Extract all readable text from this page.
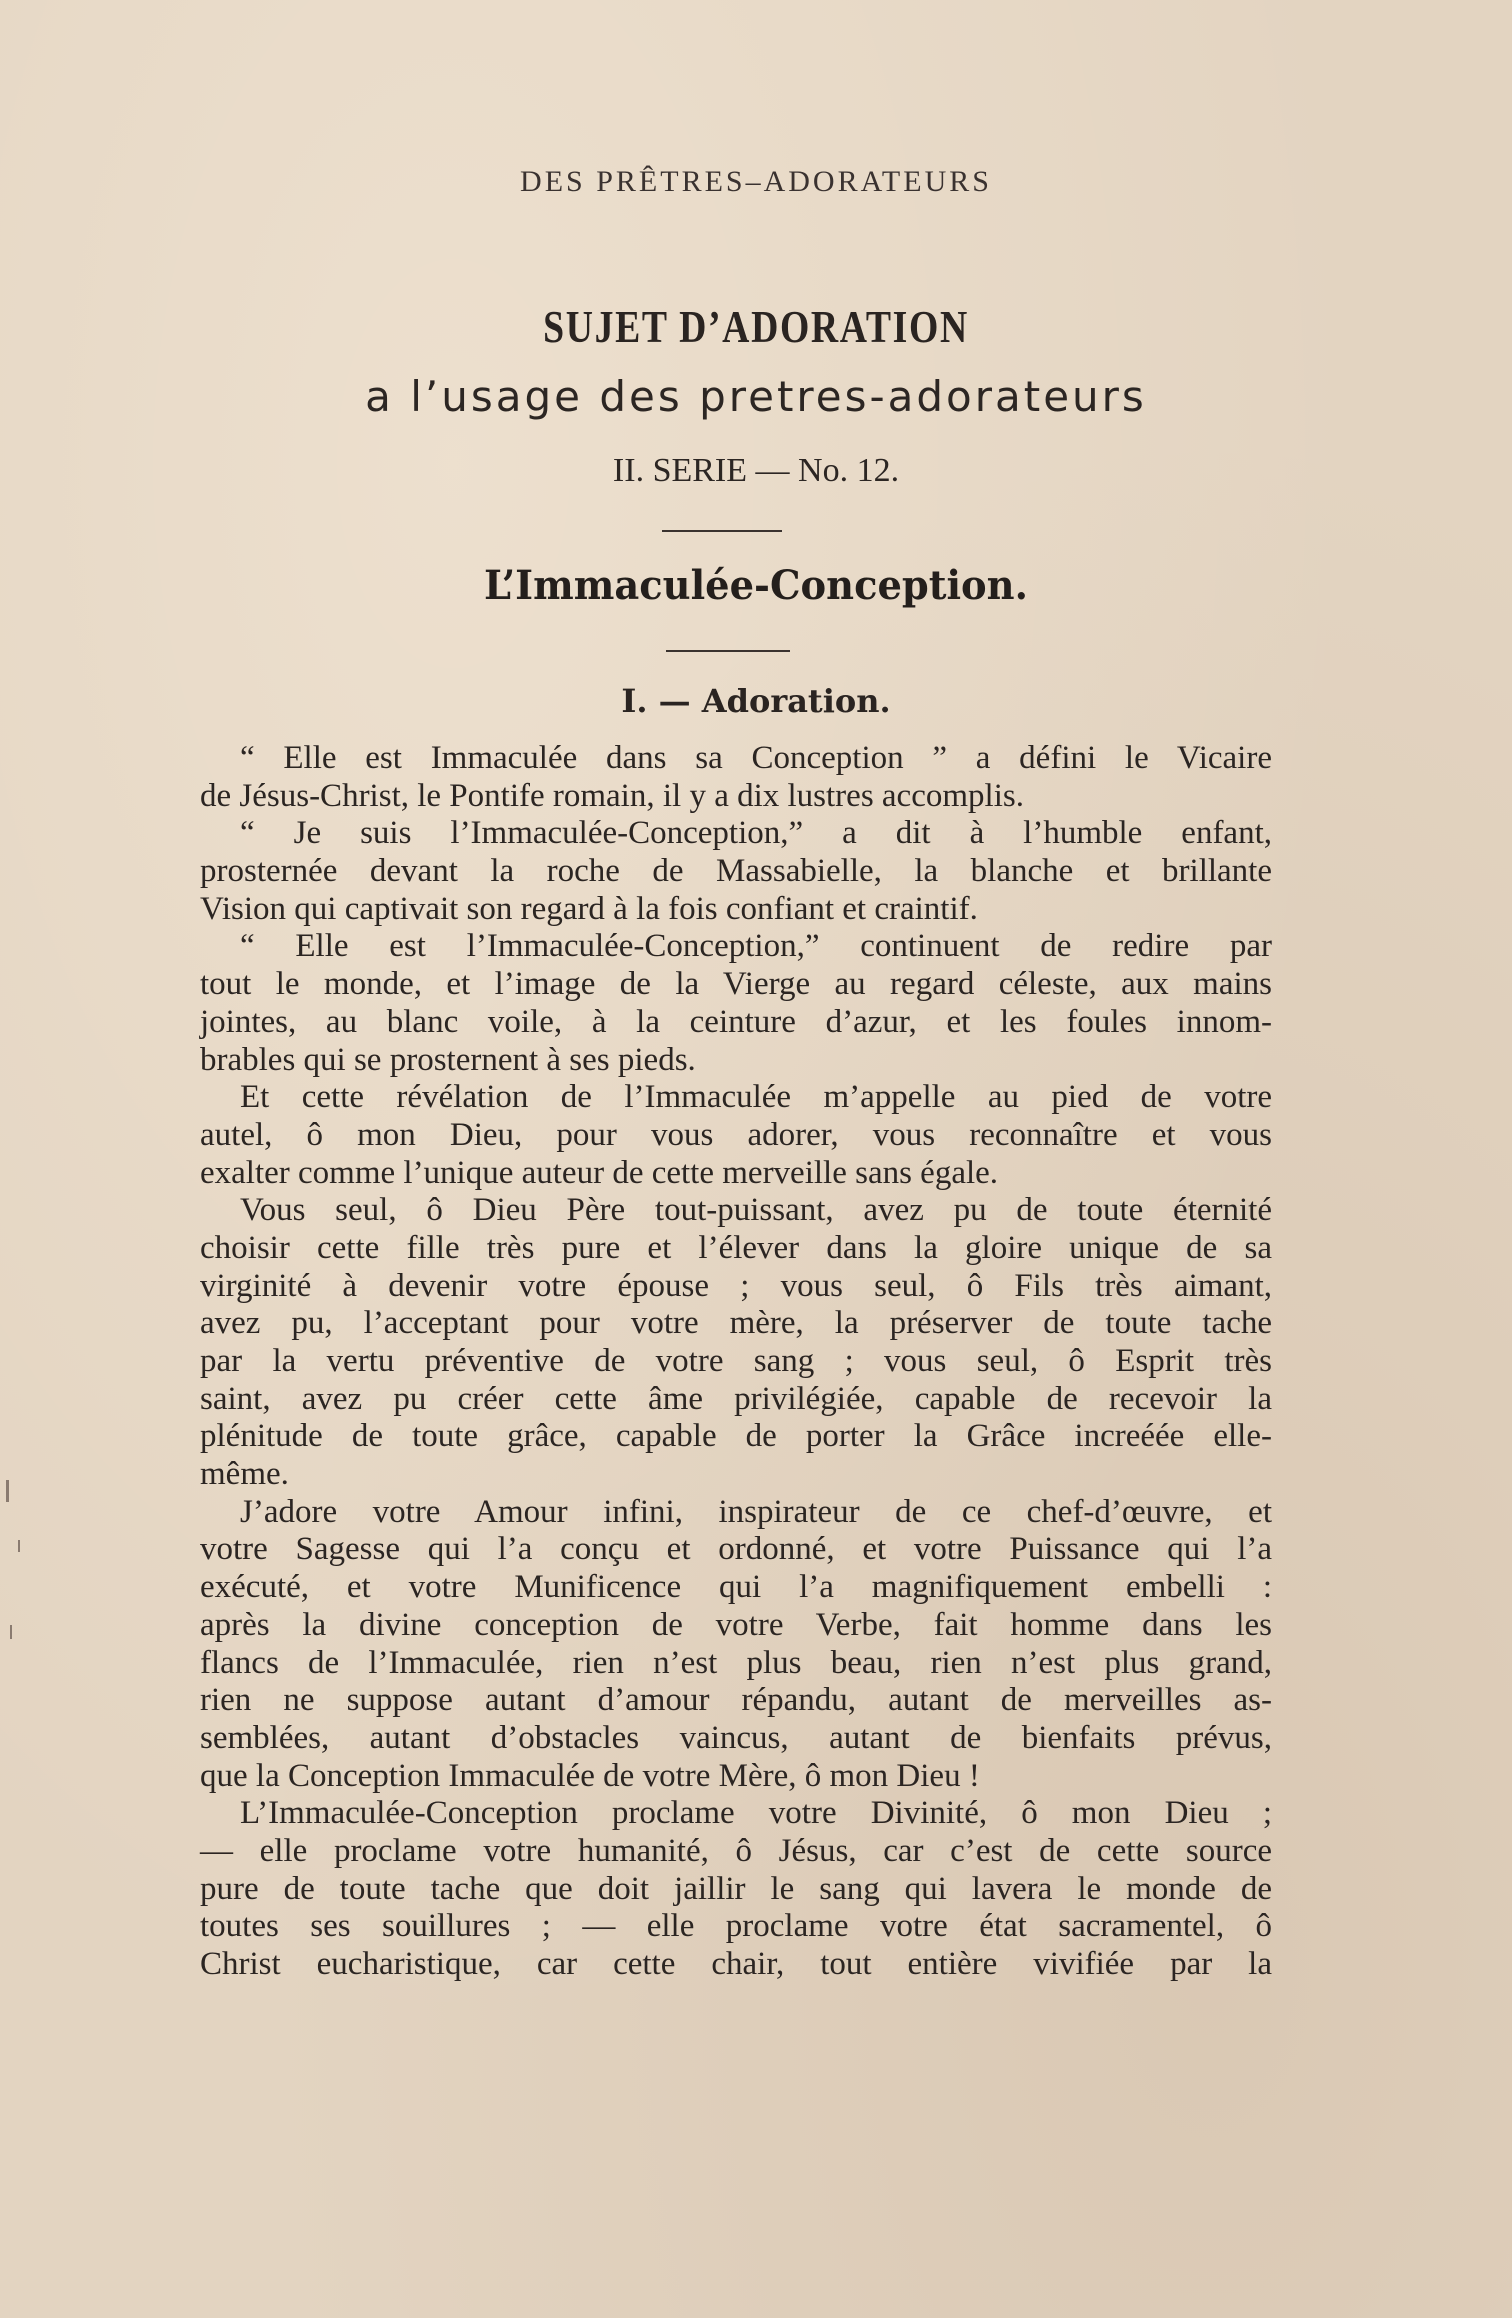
DES PRÊTRES–ADORATEURS
SUJET D’ADORATION
a l’usage des pretres-adorateurs
II. SERIE — No. 12.
L’Immaculée-Conception.
I. — Adoration.
“ Elle est Immaculée dans sa Conception ” a défini le Vicaire
de Jésus-Christ, le Pontife romain, il y a dix lustres accomplis.
“ Je suis l’Immaculée-Conception,” a dit à l’humble enfant,
prosternée devant la roche de Massabielle, la blanche et brillante
Vision qui captivait son regard à la fois confiant et craintif.
“ Elle est l’Immaculée-Conception,” continuent de redire par
tout le monde, et l’image de la Vierge au regard céleste, aux mains
jointes, au blanc voile, à la ceinture d’azur, et les foules innom-
brables qui se prosternent à ses pieds.
Et cette révélation de l’Immaculée m’appelle au pied de votre
autel, ô mon Dieu, pour vous adorer, vous reconnaître et vous
exalter comme l’unique auteur de cette merveille sans égale.
Vous seul, ô Dieu Père tout-puissant, avez pu de toute éternité
choisir cette fille très pure et l’élever dans la gloire unique de sa
virginité à devenir votre épouse ; vous seul, ô Fils très aimant,
avez pu, l’acceptant pour votre mère, la préserver de toute tache
par la vertu préventive de votre sang ; vous seul, ô Esprit très
saint, avez pu créer cette âme privilégiée, capable de recevoir la
plénitude de toute grâce, capable de porter la Grâce increéée elle-
même.
J’adore votre Amour infini, inspirateur de ce chef-d’œuvre, et
votre Sagesse qui l’a conçu et ordonné, et votre Puissance qui l’a
exécuté, et votre Munificence qui l’a magnifiquement embelli :
après la divine conception de votre Verbe, fait homme dans les
flancs de l’Immaculée, rien n’est plus beau, rien n’est plus grand,
rien ne suppose autant d’amour répandu, autant de merveilles as-
semblées, autant d’obstacles vaincus, autant de bienfaits prévus,
que la Conception Immaculée de votre Mère, ô mon Dieu !
L’Immaculée-Conception proclame votre Divinité, ô mon Dieu ;
— elle proclame votre humanité, ô Jésus, car c’est de cette source
pure de toute tache que doit jaillir le sang qui lavera le monde de
toutes ses souillures ; — elle proclame votre état sacramentel, ô
Christ eucharistique, car cette chair, tout entière vivifiée par la
